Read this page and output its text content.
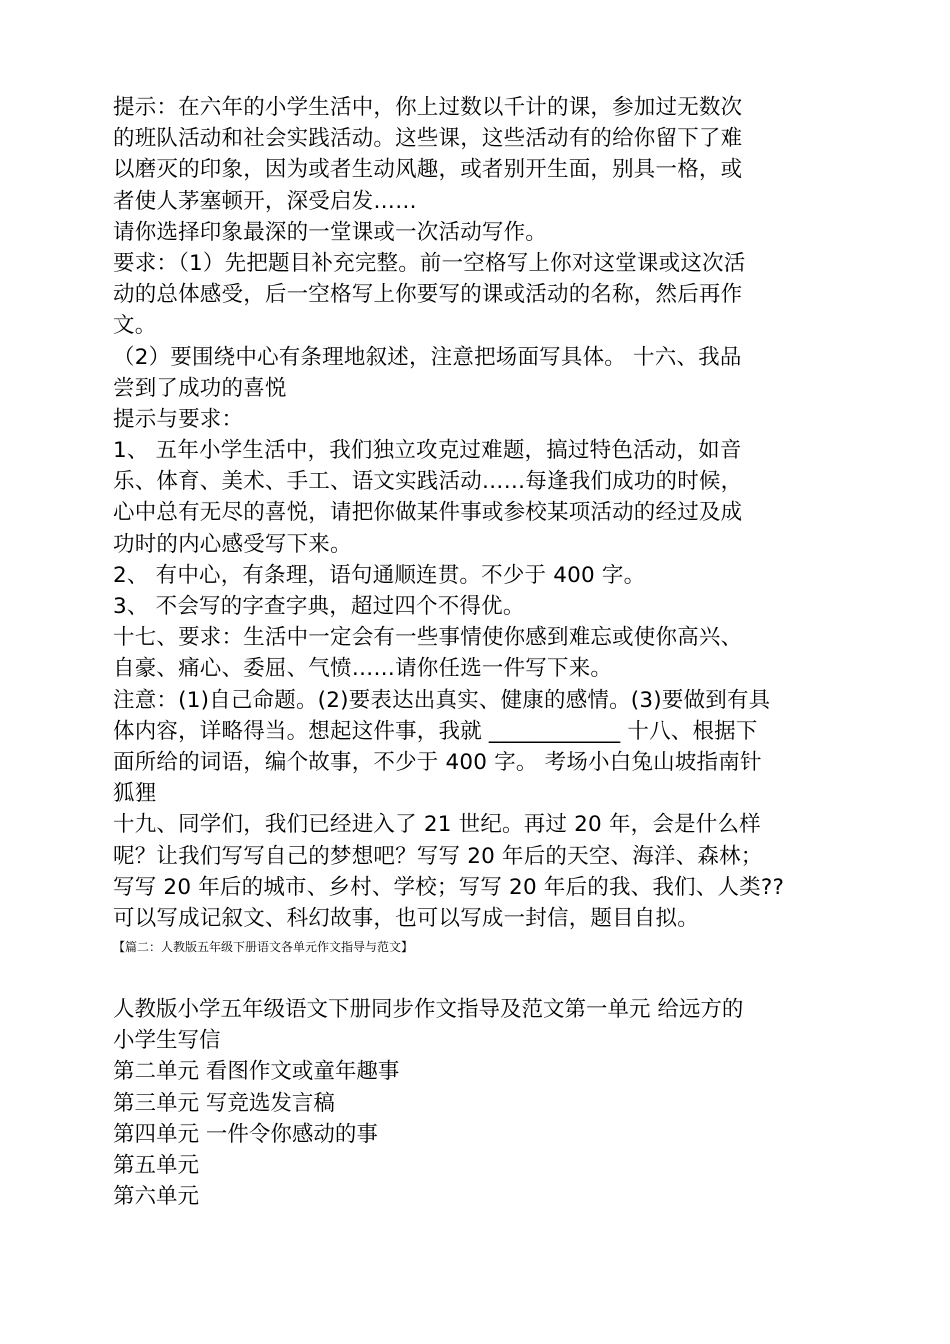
提示：在六年的小学生活中，你上过数以千计的课，参加过无数次
的班队活动和社会实践活动。这些课，这些活动有的给你留下了难
以磨灭的印象，因为或者生动风趣，或者别开生面，别具一格，或
者使人茅塞顿开，深受启发……
请你选择印象最深的一堂课或一次活动写作。
要求：（1）先把题目补充完整。前一空格写上你对这堂课或这次活
动的总体感受，后一空格写上你要写的课或活动的名称，然后再作
文。
（2）要围绕中心有条理地叙述，注意把场面写具体。 十六、我品
尝到了成功的喜悦
提示与要求：
1、 五年小学生活中，我们独立攻克过难题，搞过特色活动，如音
乐、体育、美术、手工、语文实践活动……每逢我们成功的时候，
心中总有无尽的喜悦，请把你做某件事或参校某项活动的经过及成
功时的内心感受写下来。
2、 有中心，有条理，语句通顺连贯。不少于 400 字。
3、 不会写的字查字典，超过四个不得优。
十七、要求：生活中一定会有一些事情使你感到难忘或使你高兴、
自豪、痛心、委屈、气愤……请你任选一件写下来。
注意：(1)自己命题。(2)要表达出真实、健康的感情。(3)要做到有具
体内容，详略得当。想起这件事，我就 ____________ 十八、根据下
面所给的词语，编个故事，不少于 400 字。 考场小白兔山坡指南针
狐狸
十九、同学们，我们已经进入了 21 世纪。再过 20 年，会是什么样
呢？让我们写写自己的梦想吧？写写 20 年后的天空、海洋、森林；
写写 20 年后的城市、乡村、学校；写写 20 年后的我、我们、人类??
可以写成记叙文、科幻故事，也可以写成一封信，题目自拟。
【篇二：人教版五年级下册语文各单元作文指导与范文】
人教版小学五年级语文下册同步作文指导及范文第一单元 给远方的
小学生写信
第二单元 看图作文或童年趣事
第三单元 写竞选发言稿
第四单元 一件令你感动的事
第五单元
第六单元
